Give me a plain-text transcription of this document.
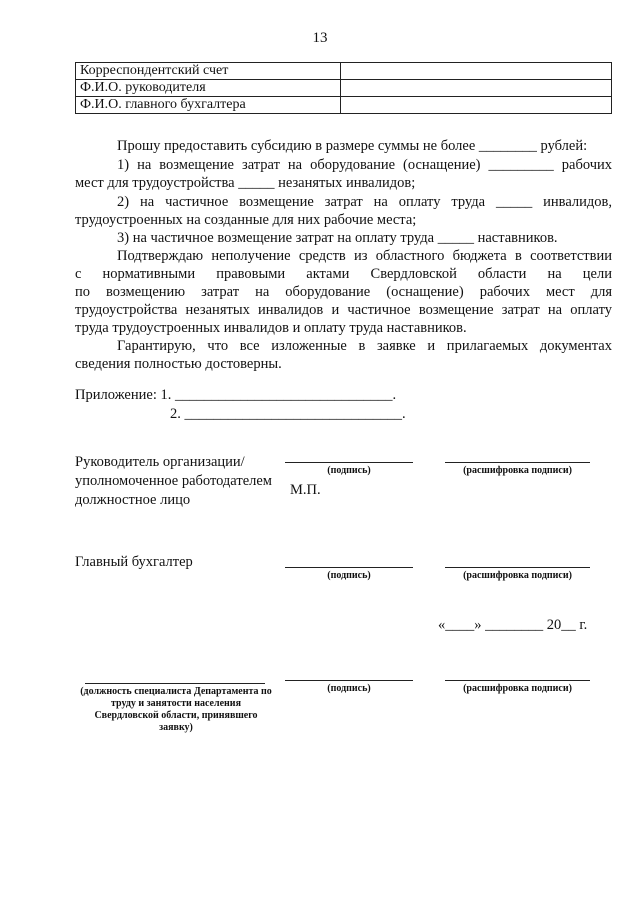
13
Корреспондентский счет	
Ф.И.О. руководителя	
Ф.И.О. главного бухгалтера	
Прошу предоставить субсидию в размере суммы не более ________ рублей:
1) на возмещение затрат на оборудование (оснащение) _________ рабочих
мест для трудоустройства _____ незанятых инвалидов;
2) на частичное возмещение затрат на оплату труда _____ инвалидов,
трудоустроенных на созданные для них рабочие места;
3) на частичное возмещение затрат на оплату труда _____ наставников.
Подтверждаю неполучение средств из областного бюджета в соответствии
с нормативными правовыми актами Свердловской области на цели
по возмещению затрат на оборудование (оснащение) рабочих мест для
трудоустройства незанятых инвалидов и частичное возмещение затрат на оплату
труда трудоустроенных инвалидов и оплату труда наставников.
Гарантирую, что все изложенные в заявке и прилагаемых документах
сведения полностью достоверны.
Приложение: 1. ______________________________.
2. ______________________________.
Руководитель организации/ уполномоченное работодателем должностное лицо
(подпись)	(расшифровка подписи)
М.П.
Главный бухгалтер
(подпись)	(расшифровка подписи)
«____» ________ 20__ г.
(должность специалиста Департамента по труду и занятости населения Свердловской области, принявшего заявку)
(подпись)	(расшифровка подписи)
